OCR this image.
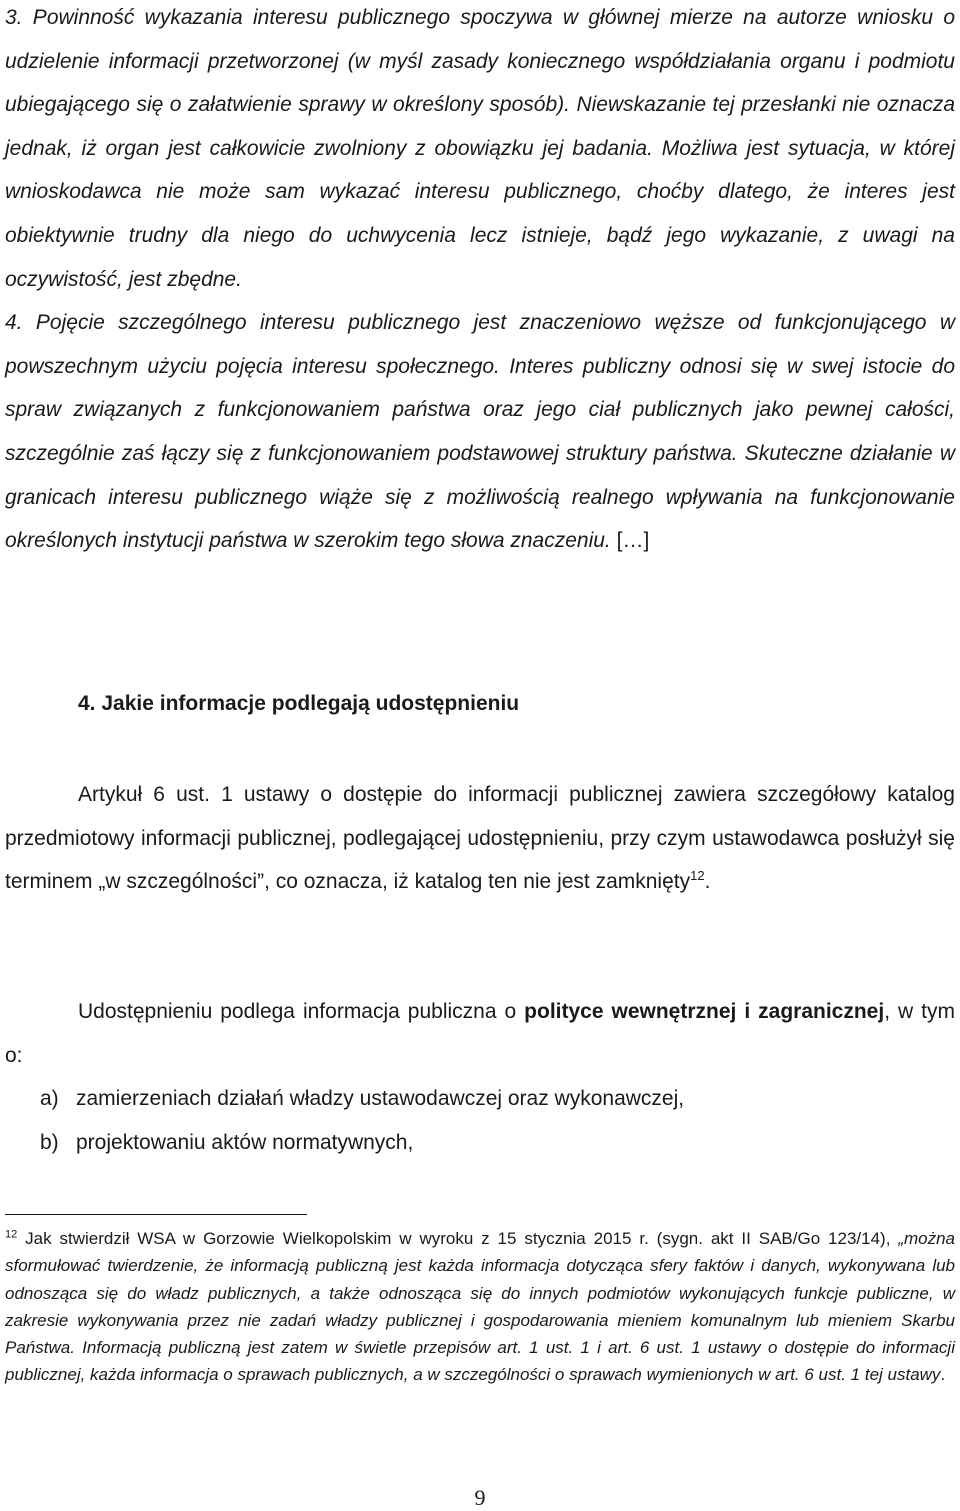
3. Powinność wykazania interesu publicznego spoczywa w głównej mierze na autorze wniosku o udzielenie informacji przetworzonej (w myśl zasady koniecznego współdziałania organu i podmiotu ubiegającego się o załatwienie sprawy w określony sposób). Niewskazanie tej przesłanki nie oznacza jednak, iż organ jest całkowicie zwolniony z obowiązku jej badania. Możliwa jest sytuacja, w której wnioskodawca nie może sam wykazać interesu publicznego, choćby dlatego, że interes jest obiektywnie trudny dla niego do uchwycenia lecz istnieje, bądź jego wykazanie, z uwagi na oczywistość, jest zbędne.

4. Pojęcie szczególnego interesu publicznego jest znaczeniowo węższe od funkcjonującego w powszechnym użyciu pojęcia interesu społecznego. Interes publiczny odnosi się w swej istocie do spraw związanych z funkcjonowaniem państwa oraz jego ciał publicznych jako pewnej całości, szczególnie zaś łączy się z funkcjonowaniem podstawowej struktury państwa. Skuteczne działanie w granicach interesu publicznego wiąże się z możliwością realnego wpływania na funkcjonowanie określonych instytucji państwa w szerokim tego słowa znaczeniu. […]

4. Jakie informacje podlegają udostępnieniu

Artykuł 6 ust. 1 ustawy o dostępie do informacji publicznej zawiera szczegółowy katalog przedmiotowy informacji publicznej, podlegającej udostępnieniu, przy czym ustawodawca posłużył się terminem „w szczególności”, co oznacza, iż katalog ten nie jest zamknięty$^{12}$.

Udostępnieniu podlega informacja publiczna o polityce wewnętrznej i zagranicznej, w tym o:

a) zamierzeniach działań władzy ustawodawczej oraz wykonawczej,
b) projektowaniu aktów normatywnych,

$^{12}$ Jak stwierdził WSA w Gorzowie Wielkopolskim w wyroku z 15 stycznia 2015 r. (sygn. akt II SAB/Go 123/14), „można sformułować twierdzenie, że informacją publiczną jest każda informacja dotycząca sfery faktów i danych, wykonywana lub odnosząca się do władz publicznych, a także odnosząca się do innych podmiotów wykonujących funkcje publiczne, w zakresie wykonywania przez nie zadań władzy publicznej i gospodarowania mieniem komunalnym lub mieniem Skarbu Państwa. Informacją publiczną jest zatem w świetle przepisów art. 1 ust. 1 i art. 6 ust. 1 ustawy o dostępie do informacji publicznej, każda informacja o sprawach publicznych, a w szczególności o sprawach wymienionych w art. 6 ust. 1 tej ustawy.

9
